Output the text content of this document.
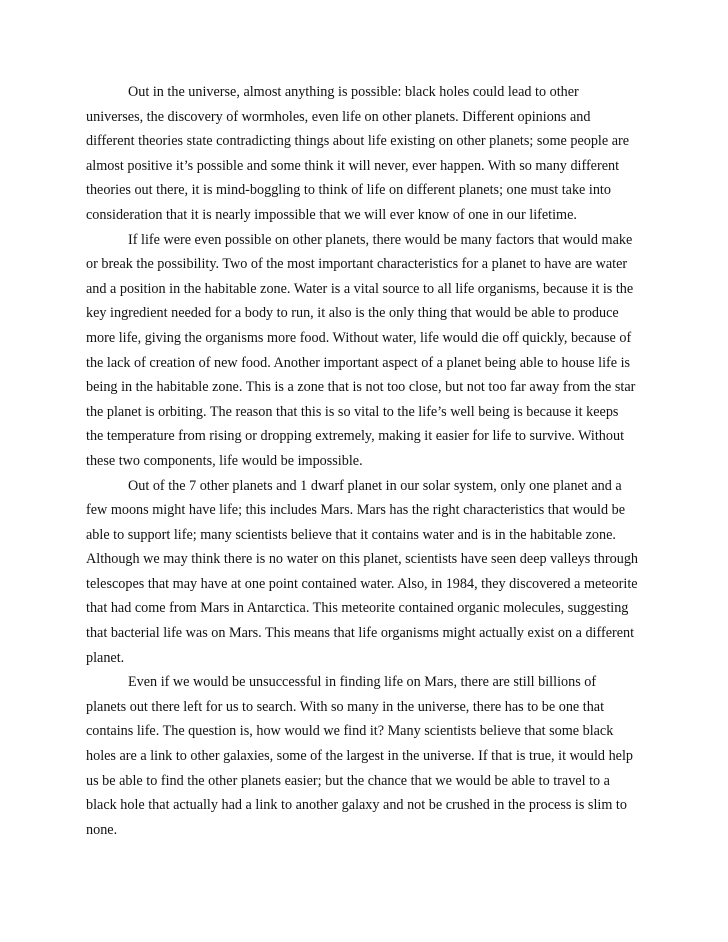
Out in the universe, almost anything is possible: black holes could lead to other
universes, the discovery of wormholes, even life on other planets. Different opinions and
different theories state contradicting things about life existing on other planets; some people are
almost positive it’s possible and some think it will never, ever happen. With so many different
theories out there, it is mind-boggling to think of life on different planets; one must take into
consideration that it is nearly impossible that we will ever know of one in our lifetime.
If life were even possible on other planets, there would be many factors that would make
or break the possibility. Two of the most important characteristics for a planet to have are water
and a position in the habitable zone. Water is a vital source to all life organisms, because it is the
key ingredient needed for a body to run, it also is the only thing that would be able to produce
more life, giving the organisms more food. Without water, life would die off quickly, because of
the lack of creation of new food. Another important aspect of a planet being able to house life is
being in the habitable zone. This is a zone that is not too close, but not too far away from the star
the planet is orbiting. The reason that this is so vital to the life’s well being is because it keeps
the temperature from rising or dropping extremely, making it easier for life to survive. Without
these two components, life would be impossible.
Out of the 7 other planets and 1 dwarf planet in our solar system, only one planet and a
few moons might have life; this includes Mars. Mars has the right characteristics that would be
able to support life; many scientists believe that it contains water and is in the habitable zone.
Although we may think there is no water on this planet, scientists have seen deep valleys through
telescopes that may have at one point contained water. Also, in 1984, they discovered a meteorite
that had come from Mars in Antarctica. This meteorite contained organic molecules, suggesting
that bacterial life was on Mars. This means that life organisms might actually exist on a different
planet.
Even if we would be unsuccessful in finding life on Mars, there are still billions of
planets out there left for us to search. With so many in the universe, there has to be one that
contains life. The question is, how would we find it? Many scientists believe that some black
holes are a link to other galaxies, some of the largest in the universe. If that is true, it would help
us be able to find the other planets easier; but the chance that we would be able to travel to a
black hole that actually had a link to another galaxy and not be crushed in the process is slim to
none.
